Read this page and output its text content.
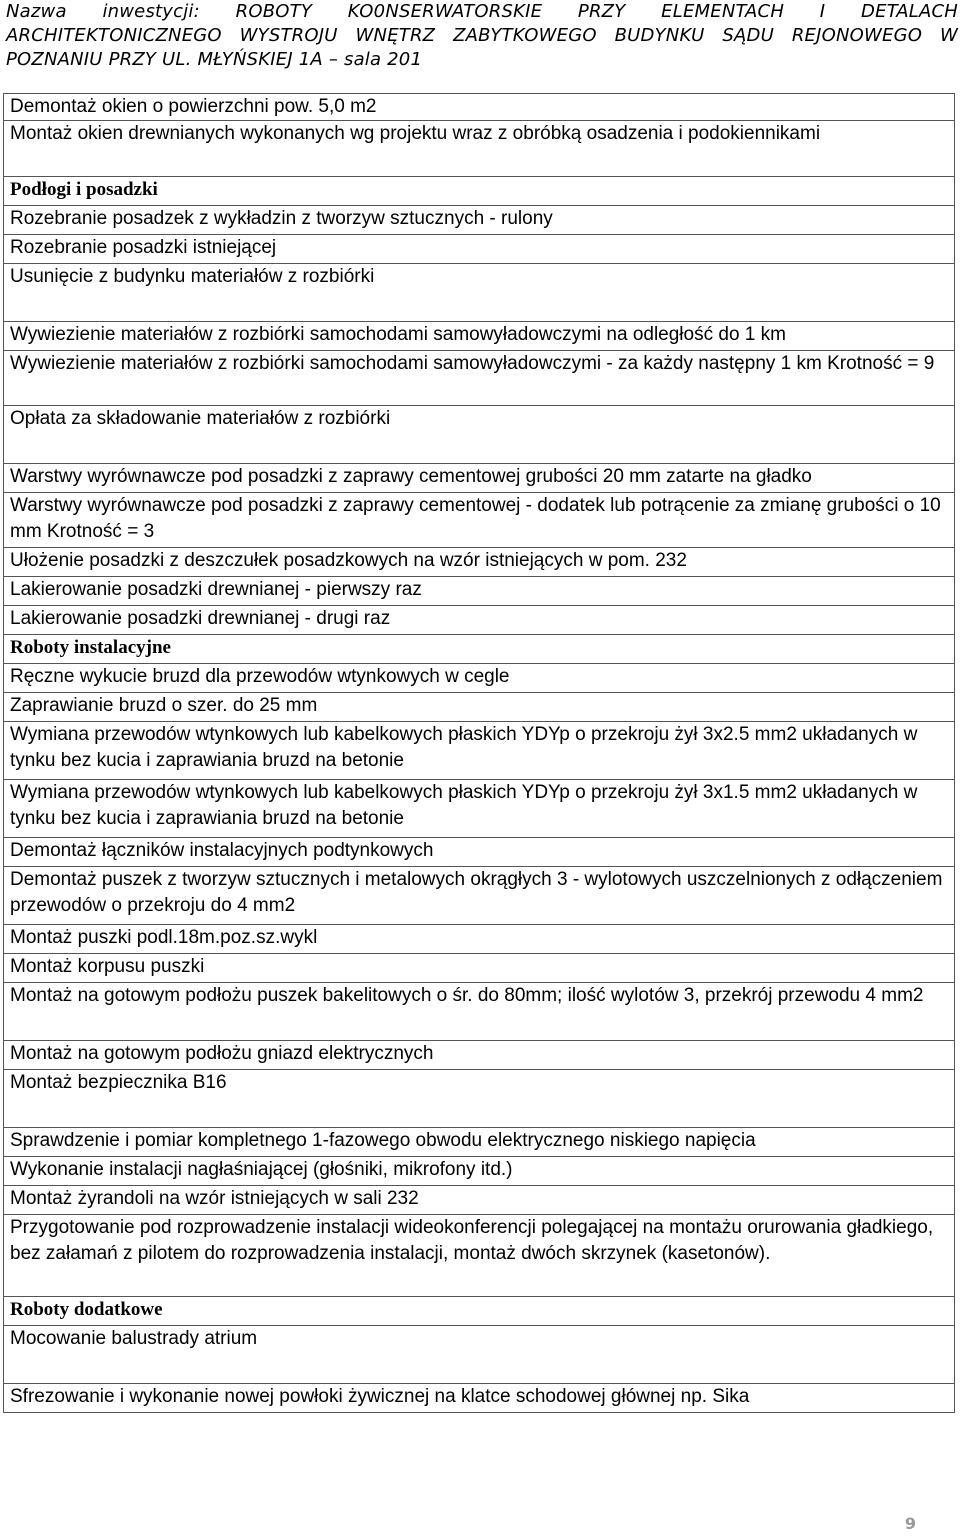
Nazwa inwestycji: ROBOTY KO0NSERWATORSKIE PRZY ELEMENTACH I DETALACH
ARCHITEKTONICZNEGO WYSTROJU WNĘTRZ ZABYTKOWEGO BUDYNKU SĄDU REJONOWEGO W
POZNANIU PRZY UL. MŁYŃSKIEJ 1A – sala 201
Demontaż okien o powierzchni pow. 5,0 m2
Montaż okien drewnianych wykonanych wg projektu wraz z obróbką osadzenia i podokiennikami
Podłogi i posadzki
Rozebranie posadzek z wykładzin z tworzyw sztucznych - rulony
Rozebranie posadzki istniejącej
Usunięcie z budynku materiałów z rozbiórki
Wywiezienie materiałów z rozbiórki samochodami samowyładowczymi na odległość do 1 km
Wywiezienie materiałów z rozbiórki samochodami samowyładowczymi - za każdy następny 1 km Krotność = 9
Opłata za składowanie materiałów z rozbiórki
Warstwy wyrównawcze pod posadzki z zaprawy cementowej grubości 20 mm zatarte na gładko
Warstwy wyrównawcze pod posadzki z zaprawy cementowej - dodatek lub potrącenie za zmianę grubości o 10 mm Krotność = 3
Ułożenie posadzki z deszczułek posadzkowych na wzór istniejących w pom. 232
Lakierowanie posadzki drewnianej - pierwszy raz
Lakierowanie posadzki drewnianej - drugi raz
Roboty instalacyjne
Ręczne wykucie bruzd dla przewodów wtynkowych w cegle
Zaprawianie bruzd o szer. do 25 mm
Wymiana przewodów wtynkowych lub kabelkowych płaskich YDYp o przekroju żył 3x2.5 mm2 układanych w tynku bez kucia i zaprawiania bruzd na betonie
Wymiana przewodów wtynkowych lub kabelkowych płaskich YDYp o przekroju żył 3x1.5 mm2 układanych w tynku bez kucia i zaprawiania bruzd na betonie
Demontaż łączników instalacyjnych podtynkowych
Demontaż puszek z tworzyw sztucznych i metalowych okrągłych 3 - wylotowych uszczelnionych z odłączeniem przewodów o przekroju do 4 mm2
Montaż puszki podl.18m.poz.sz.wykl
Montaż korpusu puszki
Montaż na gotowym podłożu puszek bakelitowych o śr. do 80mm; ilość wylotów 3, przekrój przewodu 4 mm2
Montaż na gotowym podłożu gniazd elektrycznych
Montaż bezpiecznika B16
Sprawdzenie i pomiar kompletnego 1-fazowego obwodu elektrycznego niskiego napięcia
Wykonanie instalacji nagłaśniającej (głośniki, mikrofony itd.)
Montaż żyrandoli na wzór istniejących w sali 232
Przygotowanie pod rozprowadzenie instalacji wideokonferencji polegającej na montażu orurowania gładkiego, bez załamań z pilotem do rozprowadzenia instalacji, montaż dwóch skrzynek (kasetonów).
Roboty dodatkowe
Mocowanie balustrady atrium
Sfrezowanie i wykonanie nowej powłoki żywicznej na klatce schodowej głównej np. Sika
9
